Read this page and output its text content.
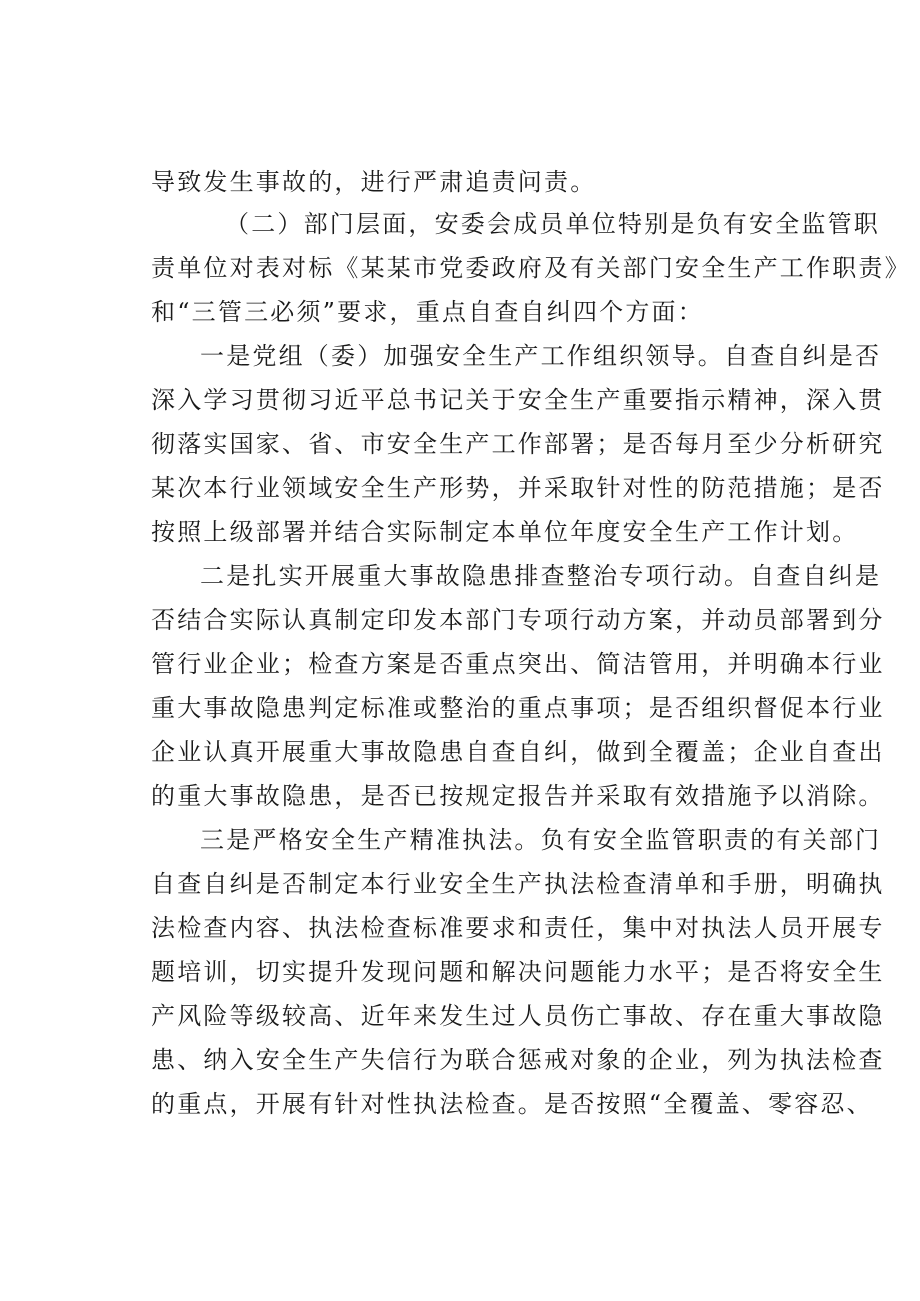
导致发生事故的，进行严肃追责问责。
（二）部门层面，安委会成员单位特别是负有安全监管职
责单位对表对标《某某市党委政府及有关部门安全生产工作职责》
和“三管三必须”要求，重点自查自纠四个方面：
一是党组（委）加强安全生产工作组织领导。自查自纠是否
深入学习贯彻习近平总书记关于安全生产重要指示精神，深入贯
彻落实国家、省、市安全生产工作部署；是否每月至少分析研究
某次本行业领域安全生产形势，并采取针对性的防范措施；是否
按照上级部署并结合实际制定本单位年度安全生产工作计划。
二是扎实开展重大事故隐患排查整治专项行动。自查自纠是
否结合实际认真制定印发本部门专项行动方案，并动员部署到分
管行业企业；检查方案是否重点突出、简洁管用，并明确本行业
重大事故隐患判定标准或整治的重点事项；是否组织督促本行业
企业认真开展重大事故隐患自查自纠，做到全覆盖；企业自查出
的重大事故隐患，是否已按规定报告并采取有效措施予以消除。
三是严格安全生产精准执法。负有安全监管职责的有关部门
自查自纠是否制定本行业安全生产执法检查清单和手册，明确执
法检查内容、执法检查标准要求和责任，集中对执法人员开展专
题培训，切实提升发现问题和解决问题能力水平；是否将安全生
产风险等级较高、近年来发生过人员伤亡事故、存在重大事故隐
患、纳入安全生产失信行为联合惩戒对象的企业，列为执法检查
的重点，开展有针对性执法检查。是否按照“全覆盖、零容忍、
